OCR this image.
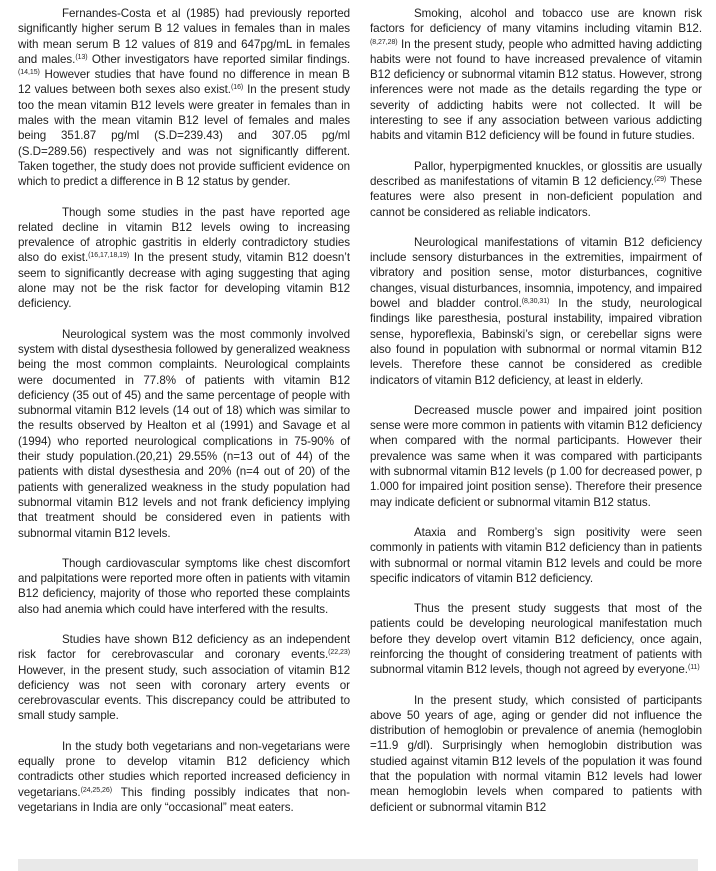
Fernandes-Costa et al (1985) had previously reported significantly higher serum B 12 values in females than in males with mean serum B 12 values of 819 and 647pg/mL in females and males.$^{(13)}$ Other investigators have reported similar findings.$^{(14,15)}$ However studies that have found no difference in mean B 12 values between both sexes also exist.$^{(16)}$ In the present study too the mean vitamin B12 levels were greater in females than in males with the mean vitamin B12 level of females and males being 351.87 pg/ml (S.D=239.43) and 307.05 pg/ml (S.D=289.56) respectively and was not significantly different. Taken together, the study does not provide sufficient evidence on which to predict a difference in B 12 status by gender.

Though some studies in the past have reported age related decline in vitamin B12 levels owing to increasing prevalence of atrophic gastritis in elderly contradictory studies also do exist.$^{(16,17,18,19)}$ In the present study, vitamin B12 doesn’t seem to significantly decrease with aging suggesting that aging alone may not be the risk factor for developing vitamin B12 deficiency.

Neurological system was the most commonly involved system with distal dysesthesia followed by generalized weakness being the most common complaints. Neurological complaints were documented in 77.8% of patients with vitamin B12 deficiency (35 out of 45) and the same percentage of people with subnormal vitamin B12 levels (14 out of 18) which was similar to the results observed by Healton et al (1991) and Savage et al (1994) who reported neurological complications in 75-90% of their study population.(20,21) 29.55% (n=13 out of 44) of the patients with distal dysesthesia and 20% (n=4 out of 20) of the patients with generalized weakness in the study population had subnormal vitamin B12 levels and not frank deficiency implying that treatment should be considered even in patients with subnormal vitamin B12 levels.

Though cardiovascular symptoms like chest discomfort and palpitations were reported more often in patients with vitamin B12 deficiency, majority of those who reported these complaints also had anemia which could have interfered with the results.

Studies have shown B12 deficiency as an independent risk factor for cerebrovascular and coronary events.$^{(22,23)}$ However, in the present study, such association of vitamin B12 deficiency was not seen with coronary artery events or cerebrovascular events. This discrepancy could be attributed to small study sample.

In the study both vegetarians and non-vegetarians were equally prone to develop vitamin B12 deficiency which contradicts other studies which reported increased deficiency in vegetarians.$^{(24,25,26)}$ This finding possibly indicates that non-vegetarians in India are only “occasional” meat eaters.

Smoking, alcohol and tobacco use are known risk factors for deficiency of many vitamins including vitamin B12.$^{(8,27,28)}$ In the present study, people who admitted having addicting habits were not found to have increased prevalence of vitamin B12 deficiency or subnormal vitamin B12 status. However, strong inferences were not made as the details regarding the type or severity of addicting habits were not collected. It will be interesting to see if any association between various addicting habits and vitamin B12 deficiency will be found in future studies.

Pallor, hyperpigmented knuckles, or glossitis are usually described as manifestations of vitamin B 12 deficiency.$^{(29)}$ These features were also present in non-deficient population and cannot be considered as reliable indicators.

Neurological manifestations of vitamin B12 deficiency include sensory disturbances in the extremities, impairment of vibratory and position sense, motor disturbances, cognitive changes, visual disturbances, insomnia, impotency, and impaired bowel and bladder control.$^{(8,30,31)}$ In the study, neurological findings like paresthesia, postural instability, impaired vibration sense, hyporeflexia, Babinski’s sign, or cerebellar signs were also found in population with subnormal or normal vitamin B12 levels. Therefore these cannot be considered as credible indicators of vitamin B12 deficiency, at least in elderly.

Decreased muscle power and impaired joint position sense were more common in patients with vitamin B12 deficiency when compared with the normal participants. However their prevalence was same when it was compared with participants with subnormal vitamin B12 levels (p 1.00 for decreased power, p 1.000 for impaired joint position sense). Therefore their presence may indicate deficient or subnormal vitamin B12 status.

Ataxia and Romberg’s sign positivity were seen commonly in patients with vitamin B12 deficiency than in patients with subnormal or normal vitamin B12 levels and could be more specific indicators of vitamin B12 deficiency.

Thus the present study suggests that most of the patients could be developing neurological manifestation much before they develop overt vitamin B12 deficiency, once again, reinforcing the thought of considering treatment of patients with subnormal vitamin B12 levels, though not agreed by everyone.$^{(11)}$

In the present study, which consisted of participants above 50 years of age, aging or gender did not influence the distribution of hemoglobin or prevalence of anemia (hemoglobin =11.9 g/dl). Surprisingly when hemoglobin distribution was studied against vitamin B12 levels of the population it was found that the population with normal vitamin B12 levels had lower mean hemoglobin levels when compared to patients with deficient or subnormal vitamin B12
